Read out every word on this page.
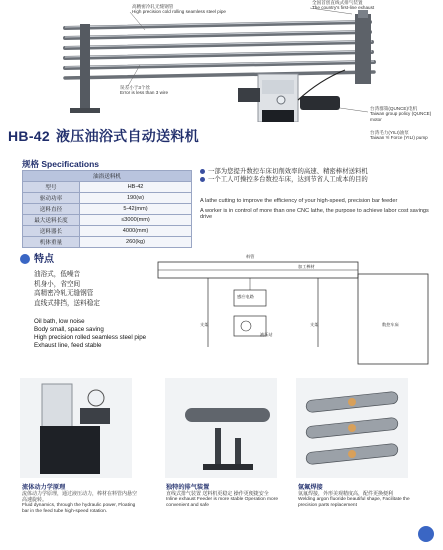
高精密冷轧无缝钢管
High precision cold rolling seamless steel pipe
全国首创直线式排气装置
The country's first-line exhaust
误差小于3个丝
Error is less than 3 wire
台湾群策(QUNCE)电机
Taiwan group policy (QUNCE) motor
台湾毛力(YILI)油泵
Taiwan Yi Force (YILI) pump
HB-42 液压油浴式自动送料机
规格 Specifications
油浴送料机	
型号	HB-42
驱动功率	190(w)
送料直径	5-42(mm)
最大送料长度	≤3000(mm)
送料器长	4000(mm)
机体重量	260(kg)
一部为您提升数控车床切削效率的高速、精密棒材送料机
一个工人可操控多台数控车床，达到节省人工成本的目的
A lathe cutting to improve the efficiency of your high-speed, precision bar feeder
A worker is in control of more than one CNC lathe, the purpose to achieve labor cost savings drive
特点
油浴式，低噪音
机身小，省空间
高精密冷轧无缝钢管
直线式排挡，送料稳定
Oil bath, low noise
Body small, space saving
High precision rolled seamless steel pipe
Exhaust line, feed stable
料管
加工棒材
感应电路
液压站
支架	支架	数控车床
流体动力学原理
流体动力学原理，通过液压动力，棒材在料管内悬空高速旋转。
Fluid dynamics, through the hydraulic power, Floating bar in the feed tube high-speed rotation.
独特的排气装置
直线式排气装置 送料机更稳定 操作更便捷安全
Inline exhaust Feeder is more stable Operation more convenient and safe
氩氟焊接
氩氟焊接，外形美观精度高，配件更换便利
Welding argon fluoride beautiful shape, Facilitate the precision parts replacement
